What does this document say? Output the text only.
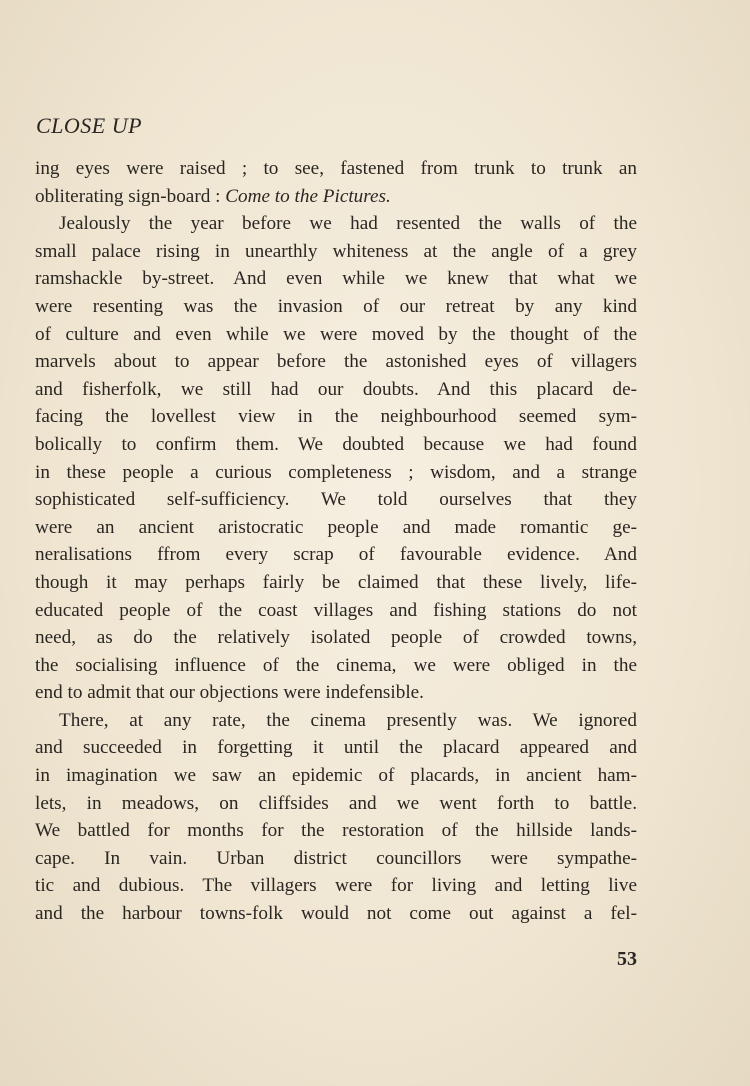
CLOSE UP
ing eyes were raised ; to see, fastened from trunk to trunk an
obliterating sign-board : Come to the Pictures.
Jealously the year before we had resented the walls of the
small palace rising in unearthly whiteness at the angle of a grey
ramshackle by-street. And even while we knew that what we
were resenting was the invasion of our retreat by any kind
of culture and even while we were moved by the thought of the
marvels about to appear before the astonished eyes of villagers
and fisherfolk, we still had our doubts. And this placard de-
facing the lovellest view in the neighbourhood seemed sym-
bolically to confirm them. We doubted because we had found
in these people a curious completeness ; wisdom, and a strange
sophisticated self-sufficiency. We told ourselves that they
were an ancient aristocratic people and made romantic ge-
neralisations ffrom every scrap of favourable evidence. And
though it may perhaps fairly be claimed that these lively, life-
educated people of the coast villages and fishing stations do not
need, as do the relatively isolated people of crowded towns,
the socialising influence of the cinema, we were obliged in the
end to admit that our objections were indefensible.
There, at any rate, the cinema presently was. We ignored
and succeeded in forgetting it until the placard appeared and
in imagination we saw an epidemic of placards, in ancient ham-
lets, in meadows, on cliffsides and we went forth to battle.
We battled for months for the restoration of the hillside lands-
cape. In vain. Urban district councillors were sympathe-
tic and dubious. The villagers were for living and letting live
and the harbour towns-folk would not come out against a fel-
53
